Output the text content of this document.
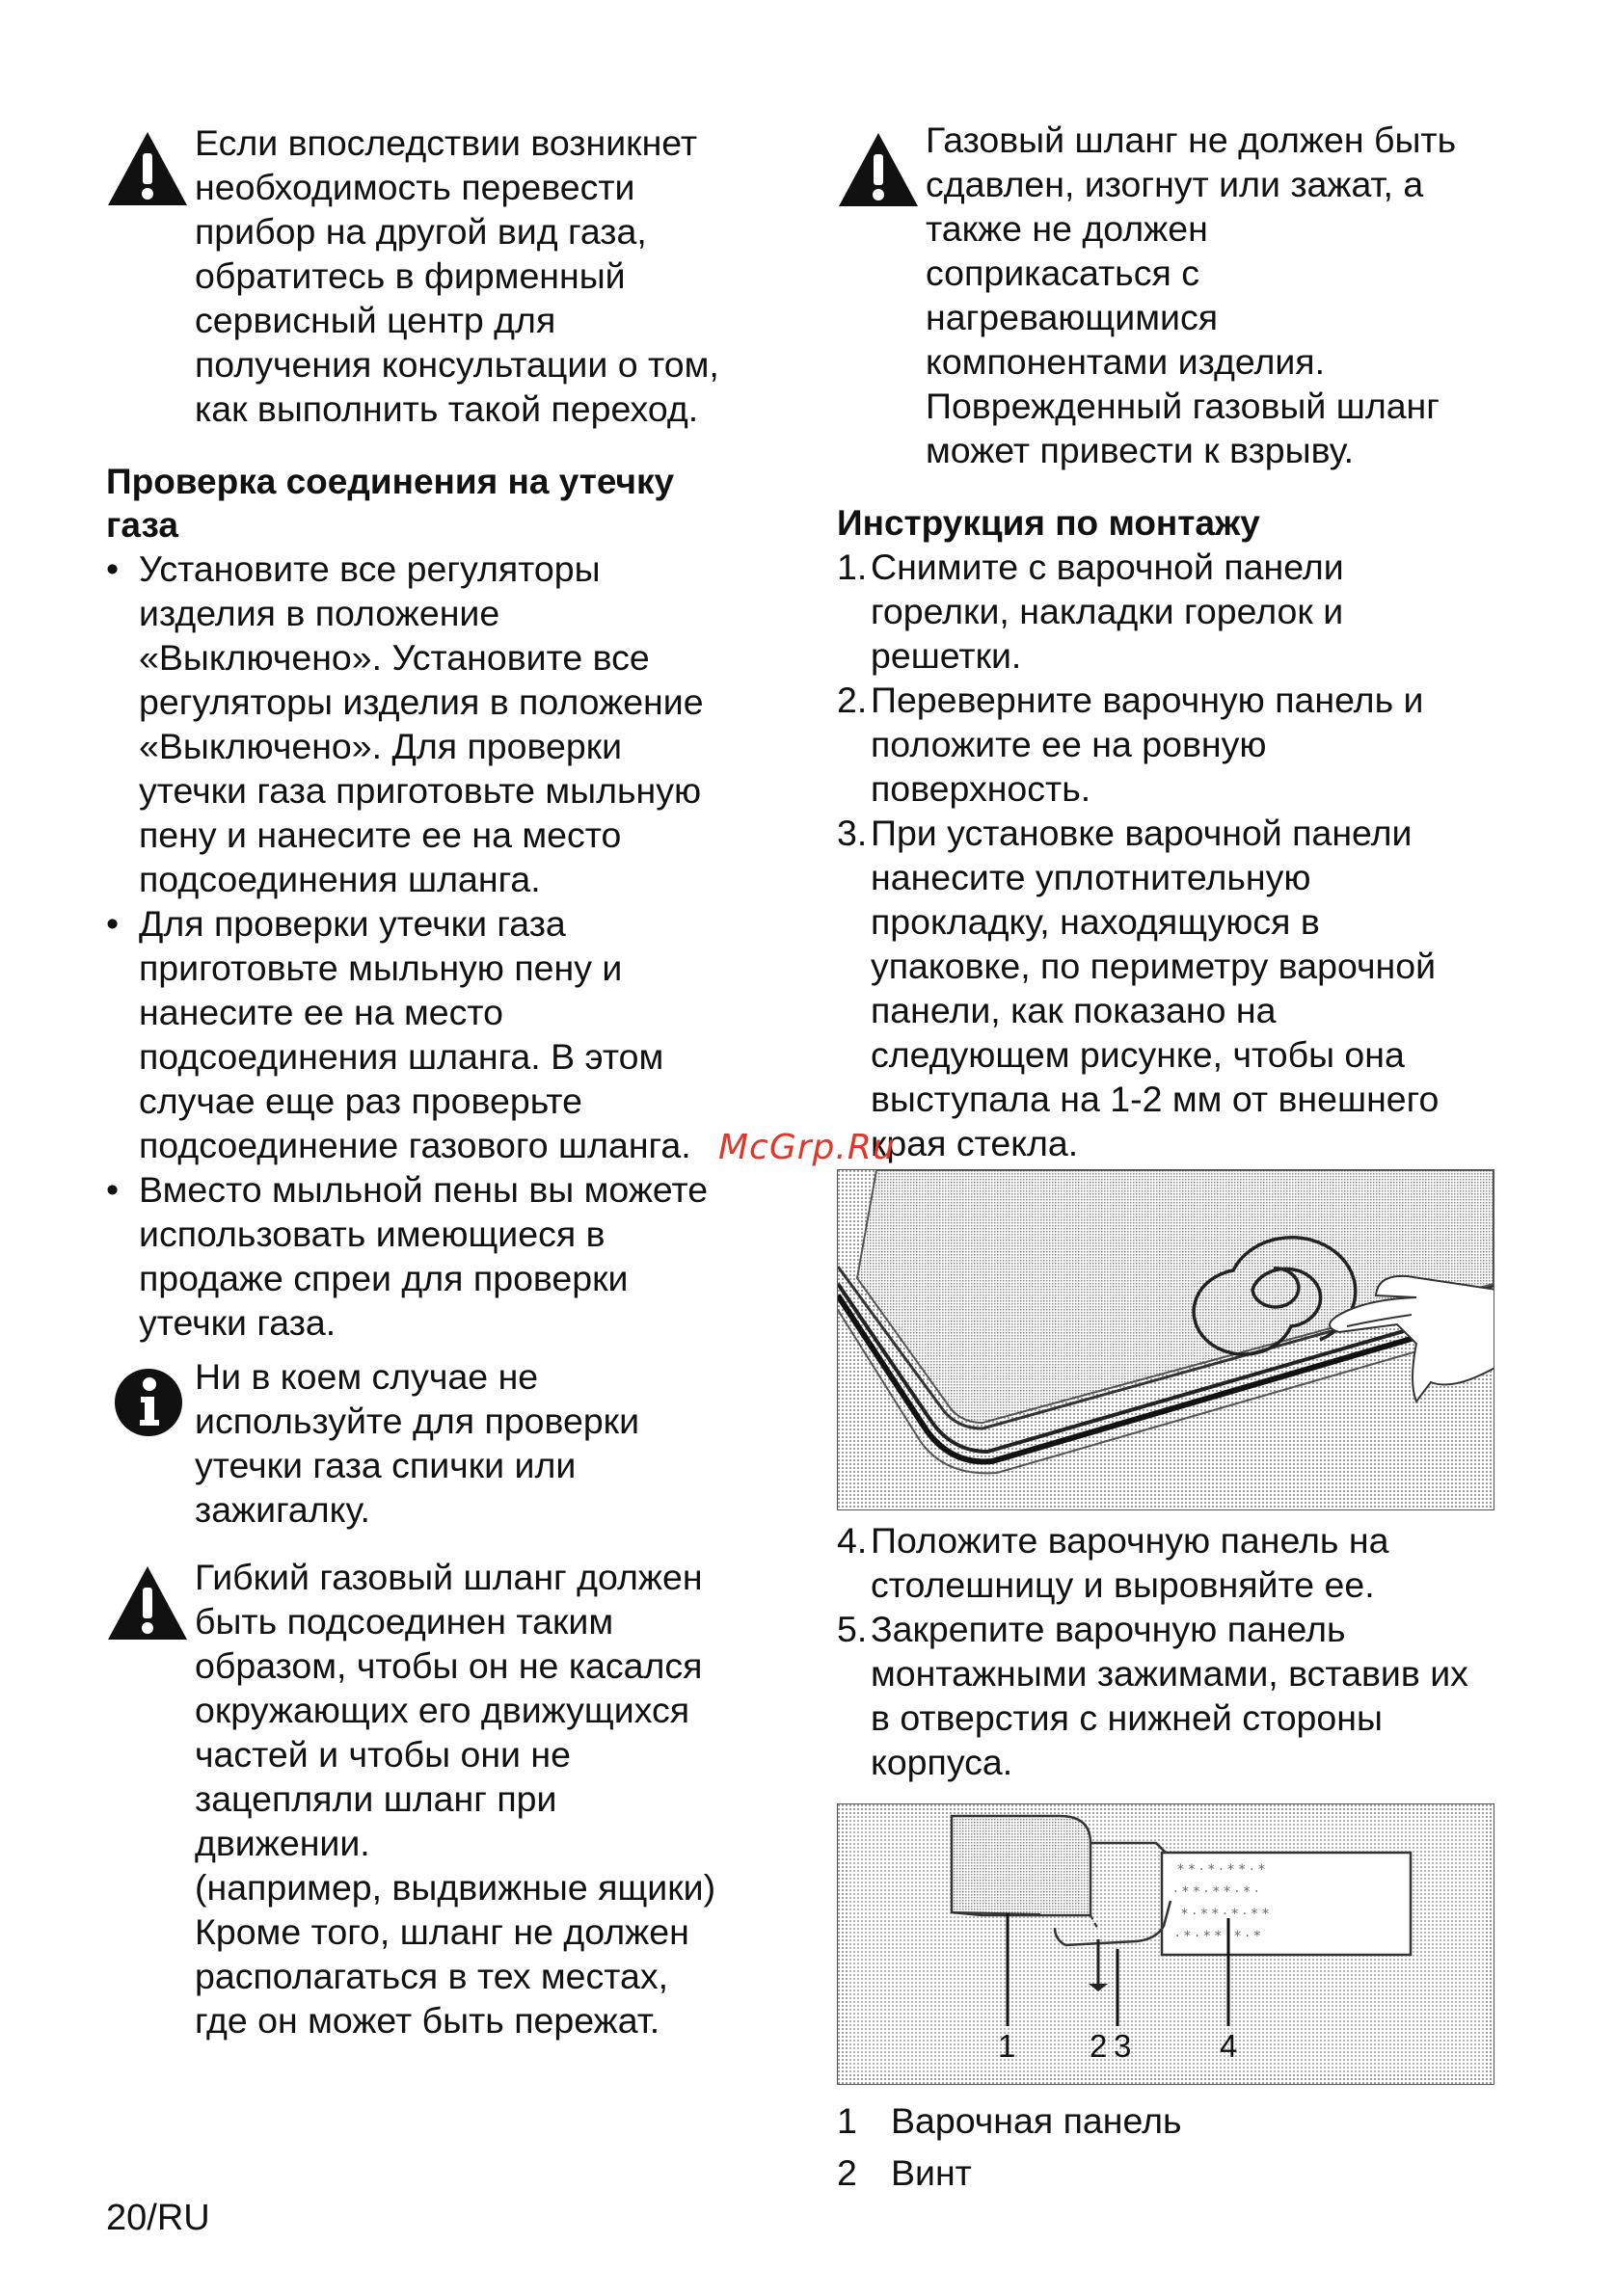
Если впоследствии возникнет
необходимость перевести
прибор на другой вид газа,
обратитесь в фирменный
сервисный центр для
получения консультации о том,
как выполнить такой переход.
Проверка соединения на утечку
газа
• Установите все регуляторы
изделия в положение
«Выключено». Установите все
регуляторы изделия в положение
«Выключено». Для проверки
утечки газа приготовьте мыльную
пену и нанесите ее на место
подсоединения шланга.
• Для проверки утечки газа
приготовьте мыльную пену и
нанесите ее на место
подсоединения шланга. В этом
случае еще раз проверьте
подсоединение газового шланга.
• Вместо мыльной пены вы можете
использовать имеющиеся в
продаже спреи для проверки
утечки газа.
Ни в коем случае не
используйте для проверки
утечки газа спички или
зажигалку.
Гибкий газовый шланг должен
быть подсоединен таким
образом, чтобы он не касался
окружающих его движущихся
частей и чтобы они не
зацепляли шланг при
движении.
(например, выдвижные ящики)
Кроме того, шланг не должен
располагаться в тех местах,
где он может быть пережат.
Газовый шланг не должен быть
сдавлен, изогнут или зажат, а
также не должен
соприкасаться с
нагревающимися
компонентами изделия.
Поврежденный газовый шланг
может привести к взрыву.
Инструкция по монтажу
1. Снимите с варочной панели
горелки, накладки горелок и
решетки.
2. Переверните варочную панель и
положите ее на ровную
поверхность.
3. При установке варочной панели
нанесите уплотнительную
прокладку, находящуюся в
упаковке, по периметру варочной
панели, как показано на
следующем рисунке, чтобы она
выступала на 1-2 мм от внешнего
края стекла.
4. Положите варочную панель на
столешницу и выровняйте ее.
5. Закрепите варочную панель
монтажными зажимами, вставив их
в отверстия с нижней стороны
корпуса.
* * · * · * * · *
· * * · * * · * ·
* · * * · * · * *
· * · * * · * · *
1 2 3	4
1 Варочная панель
2 Винт
McGrp.Ru
20/RU
